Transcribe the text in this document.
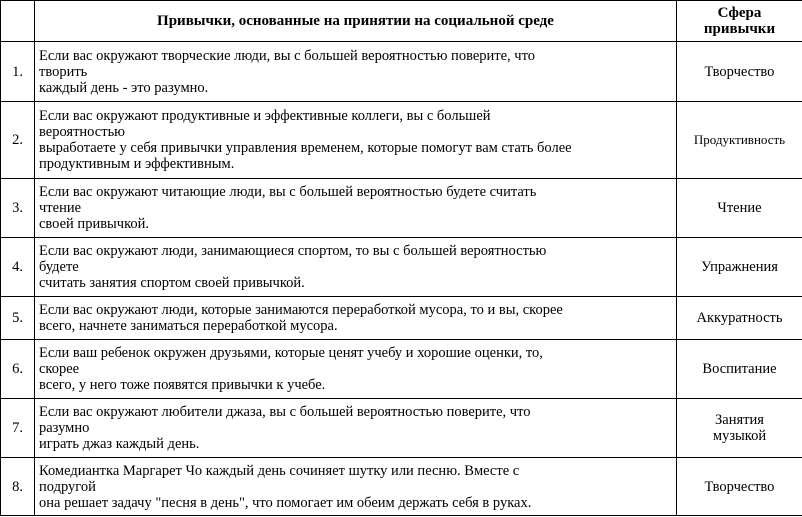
	Привычки, основанные на принятии на социальной среде	Сфера
привычки
1.	Если вас окружают творческие люди, вы с большей вероятностью поверите, что
творить
каждый день - это разумно.	Творчество
2.	Если вас окружают продуктивные и эффективные коллеги, вы с большей
вероятностью
выработаете у себя привычки управления временем, которые помогут вам стать более
продуктивным и эффективным.	Продуктивность
3.	Если вас окружают читающие люди, вы с большей вероятностью будете считать
чтение
своей привычкой.	Чтение
4.	Если вас окружают люди, занимающиеся спортом, то вы с большей вероятностью
будете
считать занятия спортом своей привычкой.	Упражнения
5.	Если вас окружают люди, которые занимаются переработкой мусора, то и вы, скорее
всего, начнете заниматься переработкой мусора.	Аккуратность
6.	Если ваш ребенок окружен друзьями, которые ценят учебу и хорошие оценки, то,
скорее
всего, у него тоже появятся привычки к учебе.	Воспитание
7.	Если вас окружают любители джаза, вы с большей вероятностью поверите, что
разумно
играть джаз каждый день.	Занятия
музыкой
8.	Комедиантка Маргарет Чо каждый день сочиняет шутку или песню. Вместе с
подругой
она решает задачу "песня в день", что помогает им обеим держать себя в руках.	Творчество
